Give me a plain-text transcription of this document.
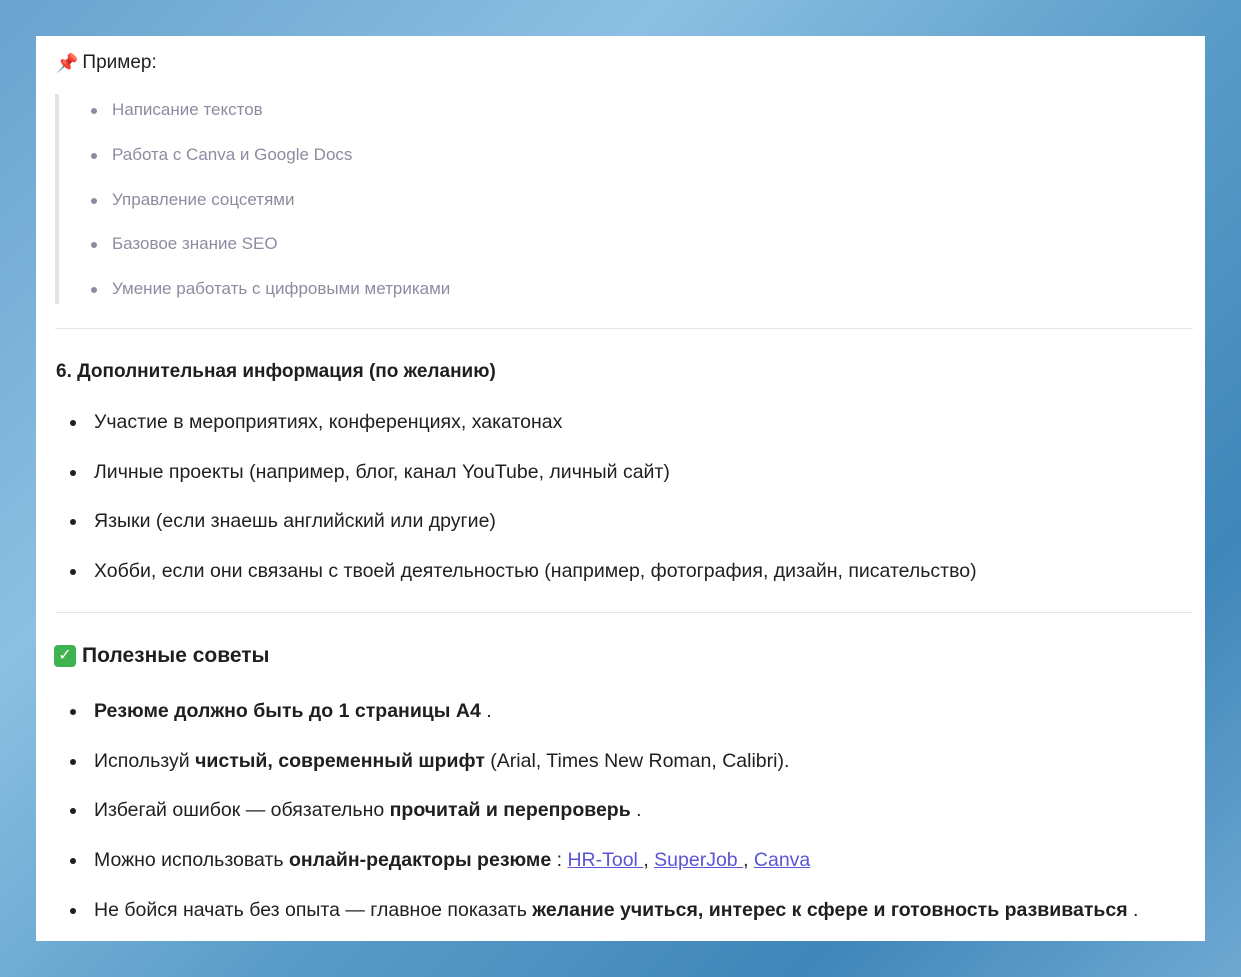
📌 Пример:
Написание текстов
Работа с Canva и Google Docs
Управление соцсетями
Базовое знание SEO
Умение работать с цифровыми метриками
6. Дополнительная информация (по желанию)
Участие в мероприятиях, конференциях, хакатонах
Личные проекты (например, блог, канал YouTube, личный сайт)
Языки (если знаешь английский или другие)
Хобби, если они связаны с твоей деятельностью (например, фотография, дизайн, писательство)
✓ Полезные советы
Резюме должно быть до 1 страницы А4 .
Используй чистый, современный шрифт (Arial, Times New Roman, Calibri).
Избегай ошибок — обязательно прочитай и перепроверь .
Можно использовать онлайн-редакторы резюме : HR-Tool , SuperJob , Canva
Не бойся начать без опыта — главное показать желание учиться, интерес к сфере и готовность развиваться .
